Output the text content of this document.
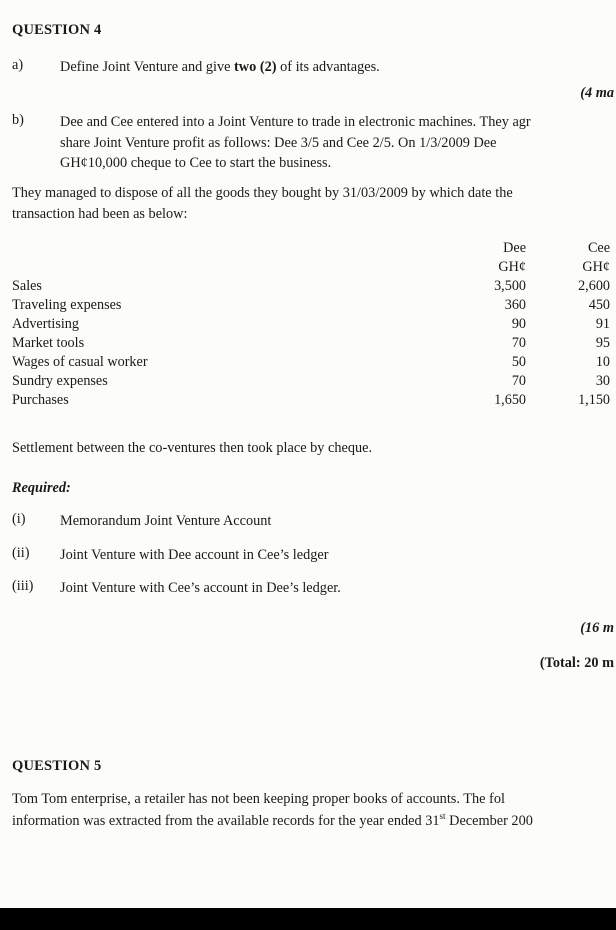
QUESTION 4
a)	Define Joint Venture and give two (2) of its advantages.
(4 ma
b)	Dee and Cee entered into a Joint Venture to trade in electronic machines. They agr
share Joint Venture profit as follows: Dee 3/5 and Cee 2/5. On 1/3/2009 Dee
GH¢10,000 cheque to Cee to start the business.
They managed to dispose of all the goods they bought by 31/03/2009 by which date the
transaction had been as below:
	Dee	Cee
	GH¢	GH¢
Sales	3,500	2,600
Traveling expenses	360	450
Advertising	90	91
Market tools	70	95
Wages of casual worker	50	10
Sundry expenses	70	30
Purchases	1,650	1,150
Settlement between the co-ventures then took place by cheque.
Required:
(i)	Memorandum Joint Venture Account
(ii)	Joint Venture with Dee account in Cee’s ledger
(iii)	Joint Venture with Cee’s account in Dee’s ledger.
(16 m
(Total: 20 m
QUESTION 5
Tom Tom enterprise, a retailer has not been keeping proper books of accounts. The fol
information was extracted from the available records for the year ended 31st December 200
